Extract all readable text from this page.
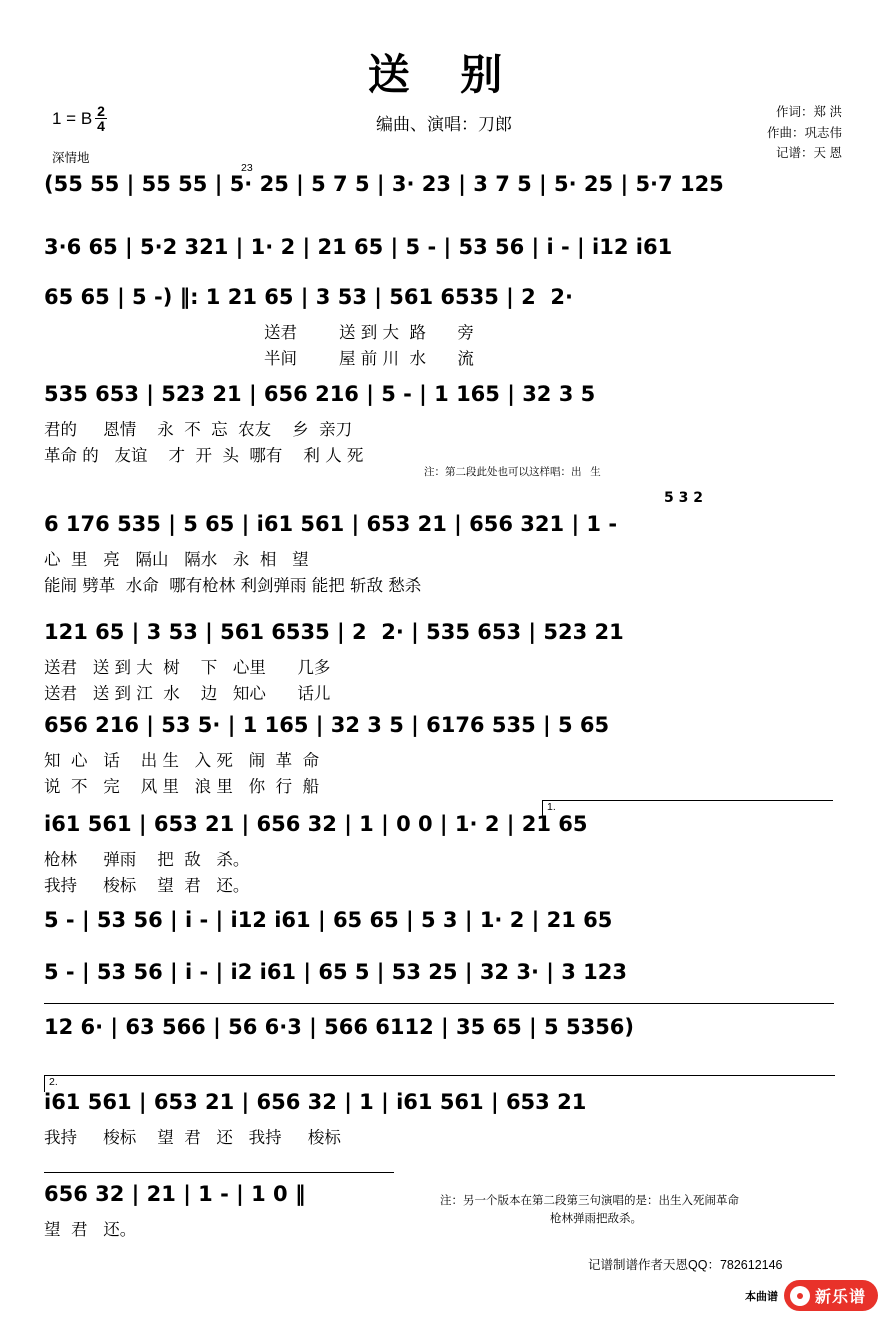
送 别
1 = B $\frac{2}{4}$	编曲、演唱：刀郎
作词：郑 洪
作曲：巩志伟
记谱：天 恩
深情地
(55 55 | 55 55 | 5· 25 | 5 7 5 | 3· 23 | 3 7 5 | 5· 25 | 5·7 125
23
3·6 65 | 5·2 321 | 1· 2 | 21 65 | 5 - | 53 56 | i - | i12 i61
65 65 | 5 -) ‖: 1 21 65 | 3 53 | 561 6535 | 2  2·
送君        送 到 大  路      旁
半间        屋 前 川  水      流
535 653 | 523 21 | 656 216 | 5 - | 1 165 | 32 3 5
君的     恩情    永  不  忘  农友    乡  亲刀
革命 的   友谊    才  开  头  哪有    利 人 死
注：第二段此处也可以这样唱：出   生
5 3 2
6 176 535 | 5 65 | i61 561 | 653 21 | 656 321 | 1 -
心  里   亮   隔山   隔水   永  相   望
能闹 劈革  水命  哪有枪林 利剑弹雨 能把 斩敌 愁杀
121 65 | 3 53 | 561 6535 | 2  2· | 535 653 | 523 21
送君   送 到 大  树    下   心里      几多
送君   送 到 江  水    边   知心      话儿
656 216 | 53 5· | 1 165 | 32 3 5 | 6176 535 | 5 65
知  心   话    出 生   入 死   闹  革  命
说  不   完    风 里   浪 里   你  行  船
1.
i61 561 | 653 21 | 656 32 | 1 | 0 0 | 1· 2 | 21 65
枪林     弹雨    把  敌   杀。
我持     梭标    望  君   还。
5 - | 53 56 | i - | i12 i61 | 65 65 | 5 3 | 1· 2 | 21 65
5 - | 53 56 | i - | i2 i61 | 65 5 | 53 25 | 32 3· | 3 123
12 6· | 63 566 | 56 6·3 | 566 6112 | 35 65 | 5 5356)
2.
i61 561 | 653 21 | 656 32 | 1 | i61 561 | 653 21
我持     梭标    望  君   还   我持     梭标
656 32 | 21 | 1 - | 1 0 ‖
望  君   还。
注：另一个版本在第二段第三句演唱的是：出生入死闹革命
枪林弹雨把敌杀。
记谱制谱作者天恩QQ：782612146
本曲谱 新乐谱
